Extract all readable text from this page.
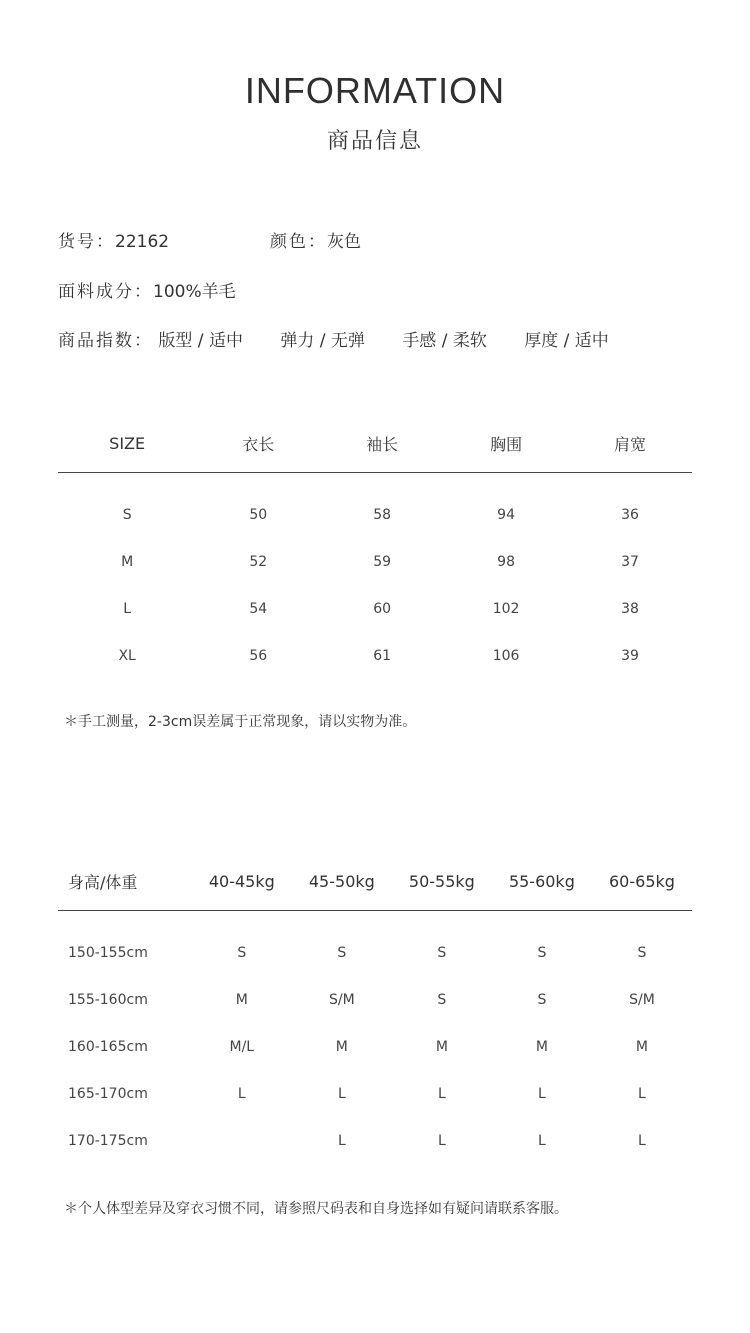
INFORMATION
商品信息
货号：22162	颜色：灰色
面料成分：100%羊毛
商品指数： 版型 / 适中 弹力 / 无弹 手感 / 柔软 厚度 / 适中
SIZE	衣长	袖长	胸围	肩宽

S	50	58	94	36
M	52	59	98	37
L	54	60	102	38
XL	56	61	106	39
＊手工测量，2-3cm误差属于正常现象，请以实物为准。
身高/体重	40-45kg	45-50kg	50-55kg	55-60kg	60-65kg

150-155cm	S	S	S	S	S
155-160cm	M	S/M	S	S	S/M
160-165cm	M/L	M	M	M	M
165-170cm	L	L	L	L	L
170-175cm		L	L	L	L
＊个人体型差异及穿衣习惯不同，请参照尺码表和自身选择如有疑问请联系客服。
